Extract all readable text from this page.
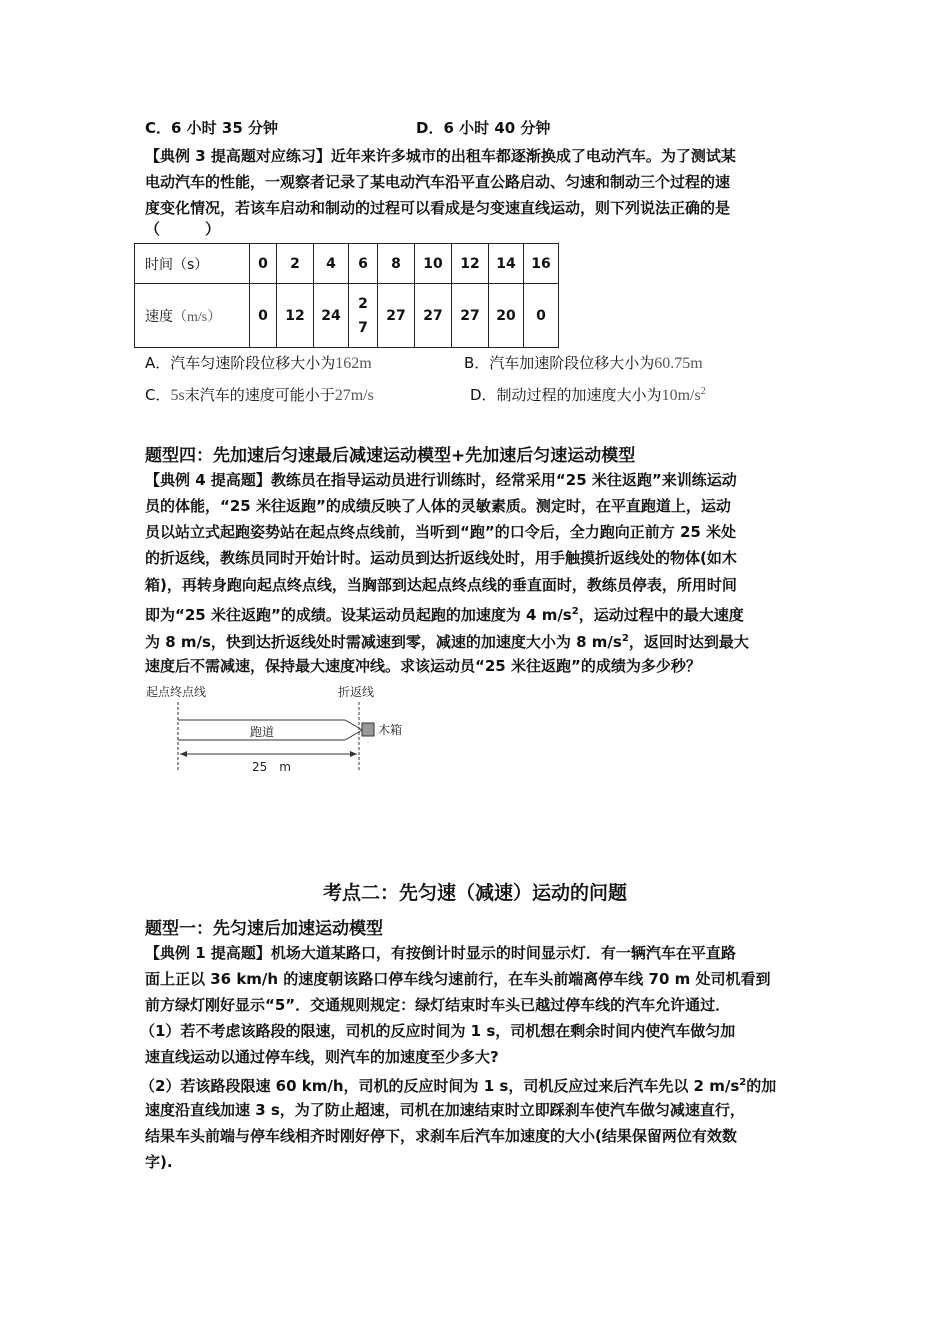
C．6 小时 35 分钟	D．6 小时 40 分钟
【典例 3 提高题对应练习】近年来许多城市的出租车都逐渐换成了电动汽车。为了测试某
电动汽车的性能，一观察者记录了某电动汽车沿平直公路启动、匀速和制动三个过程的速
度变化情况，若该车启动和制动的过程可以看成是匀变速直线运动，则下列说法正确的是
（　　　）
时间（s）	0	2	4	6	8	10	12	14	16
速度（m/s）	0	12	24	27	27	27	27	20	0
A．汽车匀速阶段位移大小为162m	B．汽车加速阶段位移大小为60.75m
C．5s末汽车的速度可能小于27m/s	D．制动过程的加速度大小为$10m/s^2$
题型四：先加速后匀速最后减速运动模型+先加速后匀速运动模型
【典例 4 提高题】教练员在指导运动员进行训练时，经常采用“25 米往返跑”来训练运动
员的体能，“25 米往返跑”的成绩反映了人体的灵敏素质。测定时，在平直跑道上，运动
员以站立式起跑姿势站在起点终点线前，当听到“跑”的口令后，全力跑向正前方 25 米处
的折返线，教练员同时开始计时。运动员到达折返线处时，用手触摸折返线处的物体(如木
箱)，再转身跑向起点终点线，当胸部到达起点终点线的垂直面时，教练员停表，所用时间
即为“25 米往返跑”的成绩。设某运动员起跑的加速度为 4 $m/s^2$，运动过程中的最大速度
为 8 m/s，快到达折返线处时需减速到零，减速的加速度大小为 8 $m/s^2$，返回时达到最大
速度后不需减速，保持最大速度冲线。求该运动员“25 米往返跑”的成绩为多少秒？
起点终点线	折返线
跑道	木箱
25　m
考点二：先匀速（减速）运动的问题
题型一：先匀速后加速运动模型
【典例 1 提高题】机场大道某路口，有按倒计时显示的时间显示灯．有一辆汽车在平直路
面上正以 36 km/h 的速度朝该路口停车线匀速前行，在车头前端离停车线 70 m 处司机看到
前方绿灯刚好显示“5”．交通规则规定：绿灯结束时车头已越过停车线的汽车允许通过．
（1）若不考虑该路段的限速，司机的反应时间为 1 s，司机想在剩余时间内使汽车做匀加
速直线运动以通过停车线，则汽车的加速度至少多大?
（2）若该路段限速 60 km/h，司机的反应时间为 1 s，司机反应过来后汽车先以 2 $m/s^2$的加
速度沿直线加速 3 s，为了防止超速，司机在加速结束时立即踩刹车使汽车做匀减速直行，
结果车头前端与停车线相齐时刚好停下，求刹车后汽车加速度的大小(结果保留两位有效数
字).
